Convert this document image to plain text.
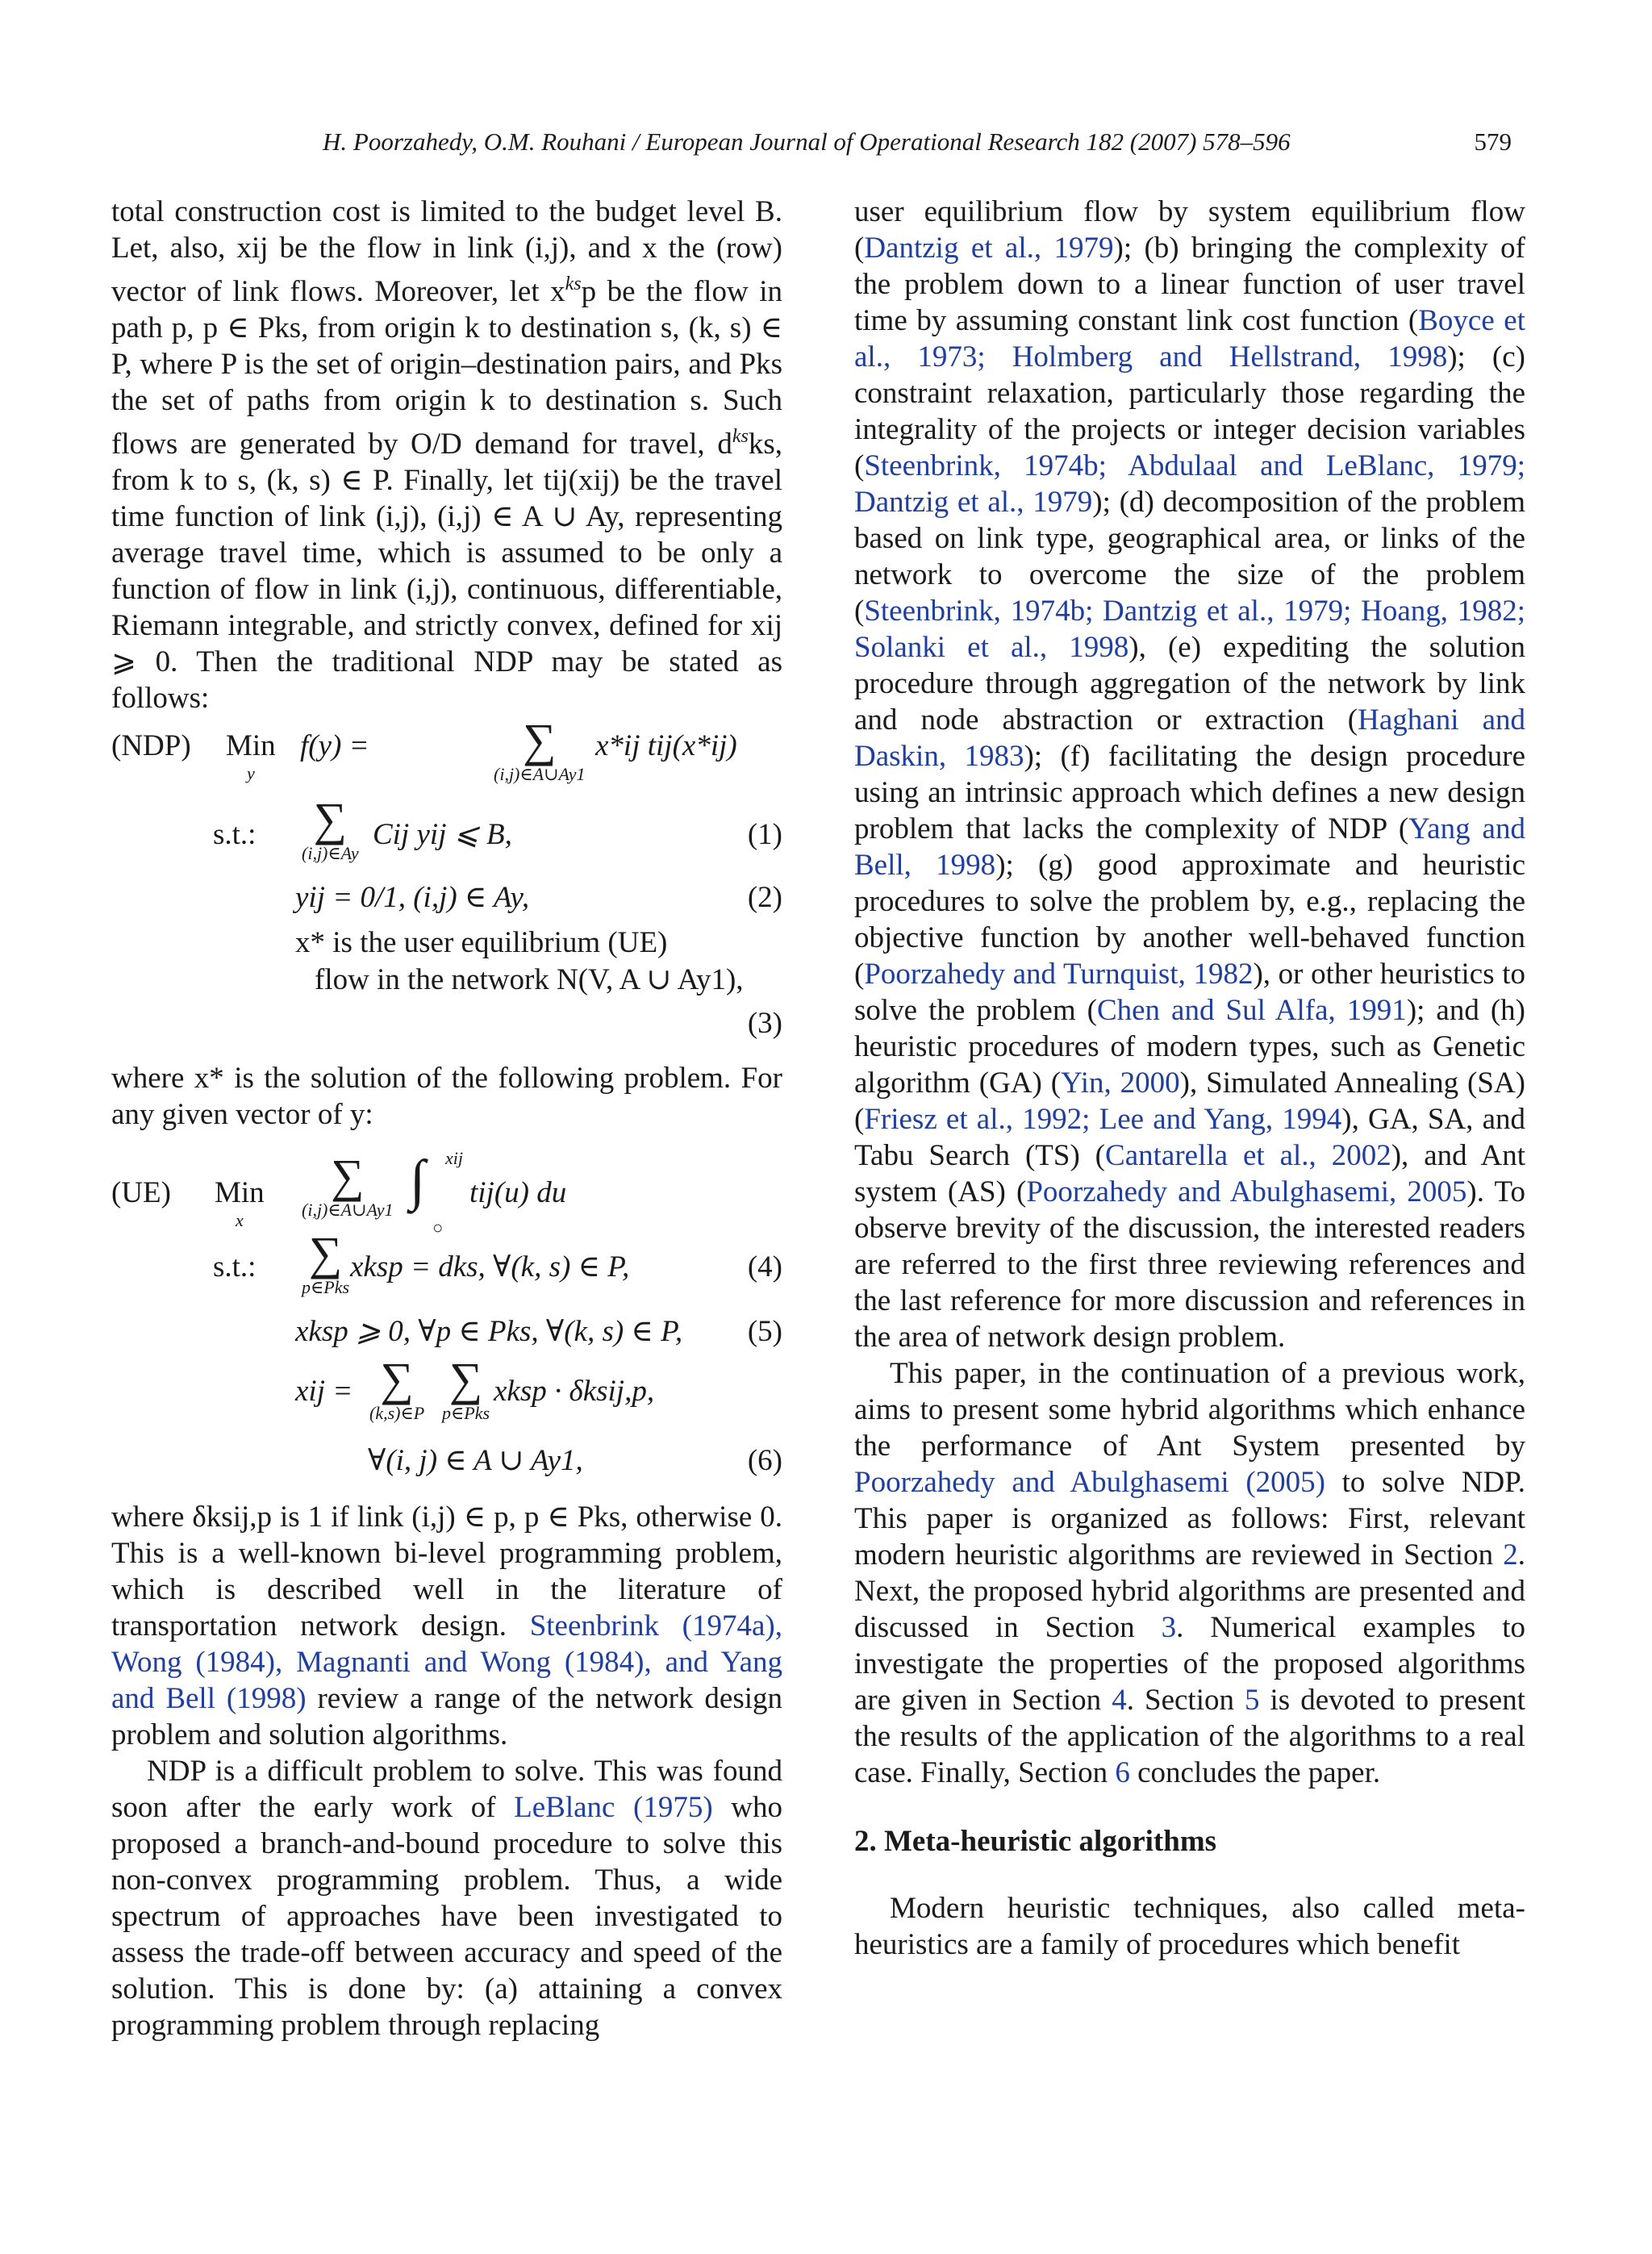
H. Poorzahedy, O.M. Rouhani / European Journal of Operational Research 182 (2007) 578–596	579

total construction cost is limited to the budget level B. Let, also, xij be the flow in link (i,j), and x the (row) vector of link flows. Moreover, let $x^{ks}p$ be the flow in path p, p ∈ Pks, from origin k to destination s, (k, s) ∈ P, where P is the set of origin–destination pairs, and Pks the set of paths from origin k to destination s. Such flows are generated by O/D demand for travel, $d^{ks}ks$, from k to s, (k, s) ∈ P. Finally, let tij(xij) be the travel time function of link (i,j), (i,j) ∈ A ∪ Ay, representing average travel time, which is assumed to be only a function of flow in link (i,j), continuous, differentiable, Riemann integrable, and strictly convex, defined for xij ⩾ 0. Then the traditional NDP may be stated as follows:

(NDP) Min
y
f(y) =	∑
(i,j)∈A∪Ay1
x*ij tij(x*ij)
s.t.: ∑
(i,j)∈Ay
Cij yij ⩽ B,	(1)
yij = 0/1, (i,j) ∈ Ay,	(2)
x* is the user equilibrium (UE)
flow in the network N(V, A ∪ Ay1),
(3)

where x* is the solution of the following problem. For any given vector of y:

(UE) Min
x
∑
(i,j)∈A∪Ay1 ∫ xij
○
tij(u) du
s.t.: ∑
p∈Pks
xksp = dks, ∀(k, s) ∈ P,	(4)
xksp ⩾ 0, ∀p ∈ Pks, ∀(k, s) ∈ P, (5)
xij = ∑
(k,s)∈P
∑
p∈Pks
xksp · δksij,p,
∀(i, j) ∈ A ∪ Ay1,	(6)

where δksij,p is 1 if link (i,j) ∈ p, p ∈ Pks, otherwise 0. This is a well-known bi-level programming problem, which is described well in the literature of transportation network design. Steenbrink (1974a), Wong (1984), Magnanti and Wong (1984), and Yang and Bell (1998) review a range of the network design problem and solution algorithms.

NDP is a difficult problem to solve. This was found soon after the early work of LeBlanc (1975) who proposed a branch-and-bound procedure to solve this non-convex programming problem. Thus, a wide spectrum of approaches have been investigated to assess the trade-off between accuracy and speed of the solution. This is done by: (a) attaining a convex programming problem through replacing

user equilibrium flow by system equilibrium flow (Dantzig et al., 1979); (b) bringing the complexity of the problem down to a linear function of user travel time by assuming constant link cost function (Boyce et al., 1973; Holmberg and Hellstrand, 1998); (c) constraint relaxation, particularly those regarding the integrality of the projects or integer decision variables (Steenbrink, 1974b; Abdulaal and LeBlanc, 1979; Dantzig et al., 1979); (d) decomposition of the problem based on link type, geographical area, or links of the network to overcome the size of the problem (Steenbrink, 1974b; Dantzig et al., 1979; Hoang, 1982; Solanki et al., 1998), (e) expediting the solution procedure through aggregation of the network by link and node abstraction or extraction (Haghani and Daskin, 1983); (f) facilitating the design procedure using an intrinsic approach which defines a new design problem that lacks the complexity of NDP (Yang and Bell, 1998); (g) good approximate and heuristic procedures to solve the problem by, e.g., replacing the objective function by another well-behaved function (Poorzahedy and Turnquist, 1982), or other heuristics to solve the problem (Chen and Sul Alfa, 1991); and (h) heuristic procedures of modern types, such as Genetic algorithm (GA) (Yin, 2000), Simulated Annealing (SA) (Friesz et al., 1992; Lee and Yang, 1994), GA, SA, and Tabu Search (TS) (Cantarella et al., 2002), and Ant system (AS) (Poorzahedy and Abulghasemi, 2005). To observe brevity of the discussion, the interested readers are referred to the first three reviewing references and the last reference for more discussion and references in the area of network design problem.

This paper, in the continuation of a previous work, aims to present some hybrid algorithms which enhance the performance of Ant System presented by Poorzahedy and Abulghasemi (2005) to solve NDP. This paper is organized as follows: First, relevant modern heuristic algorithms are reviewed in Section 2. Next, the proposed hybrid algorithms are presented and discussed in Section 3. Numerical examples to investigate the properties of the proposed algorithms are given in Section 4. Section 5 is devoted to present the results of the application of the algorithms to a real case. Finally, Section 6 concludes the paper.

2. Meta-heuristic algorithms

Modern heuristic techniques, also called meta-heuristics are a family of procedures which benefit
